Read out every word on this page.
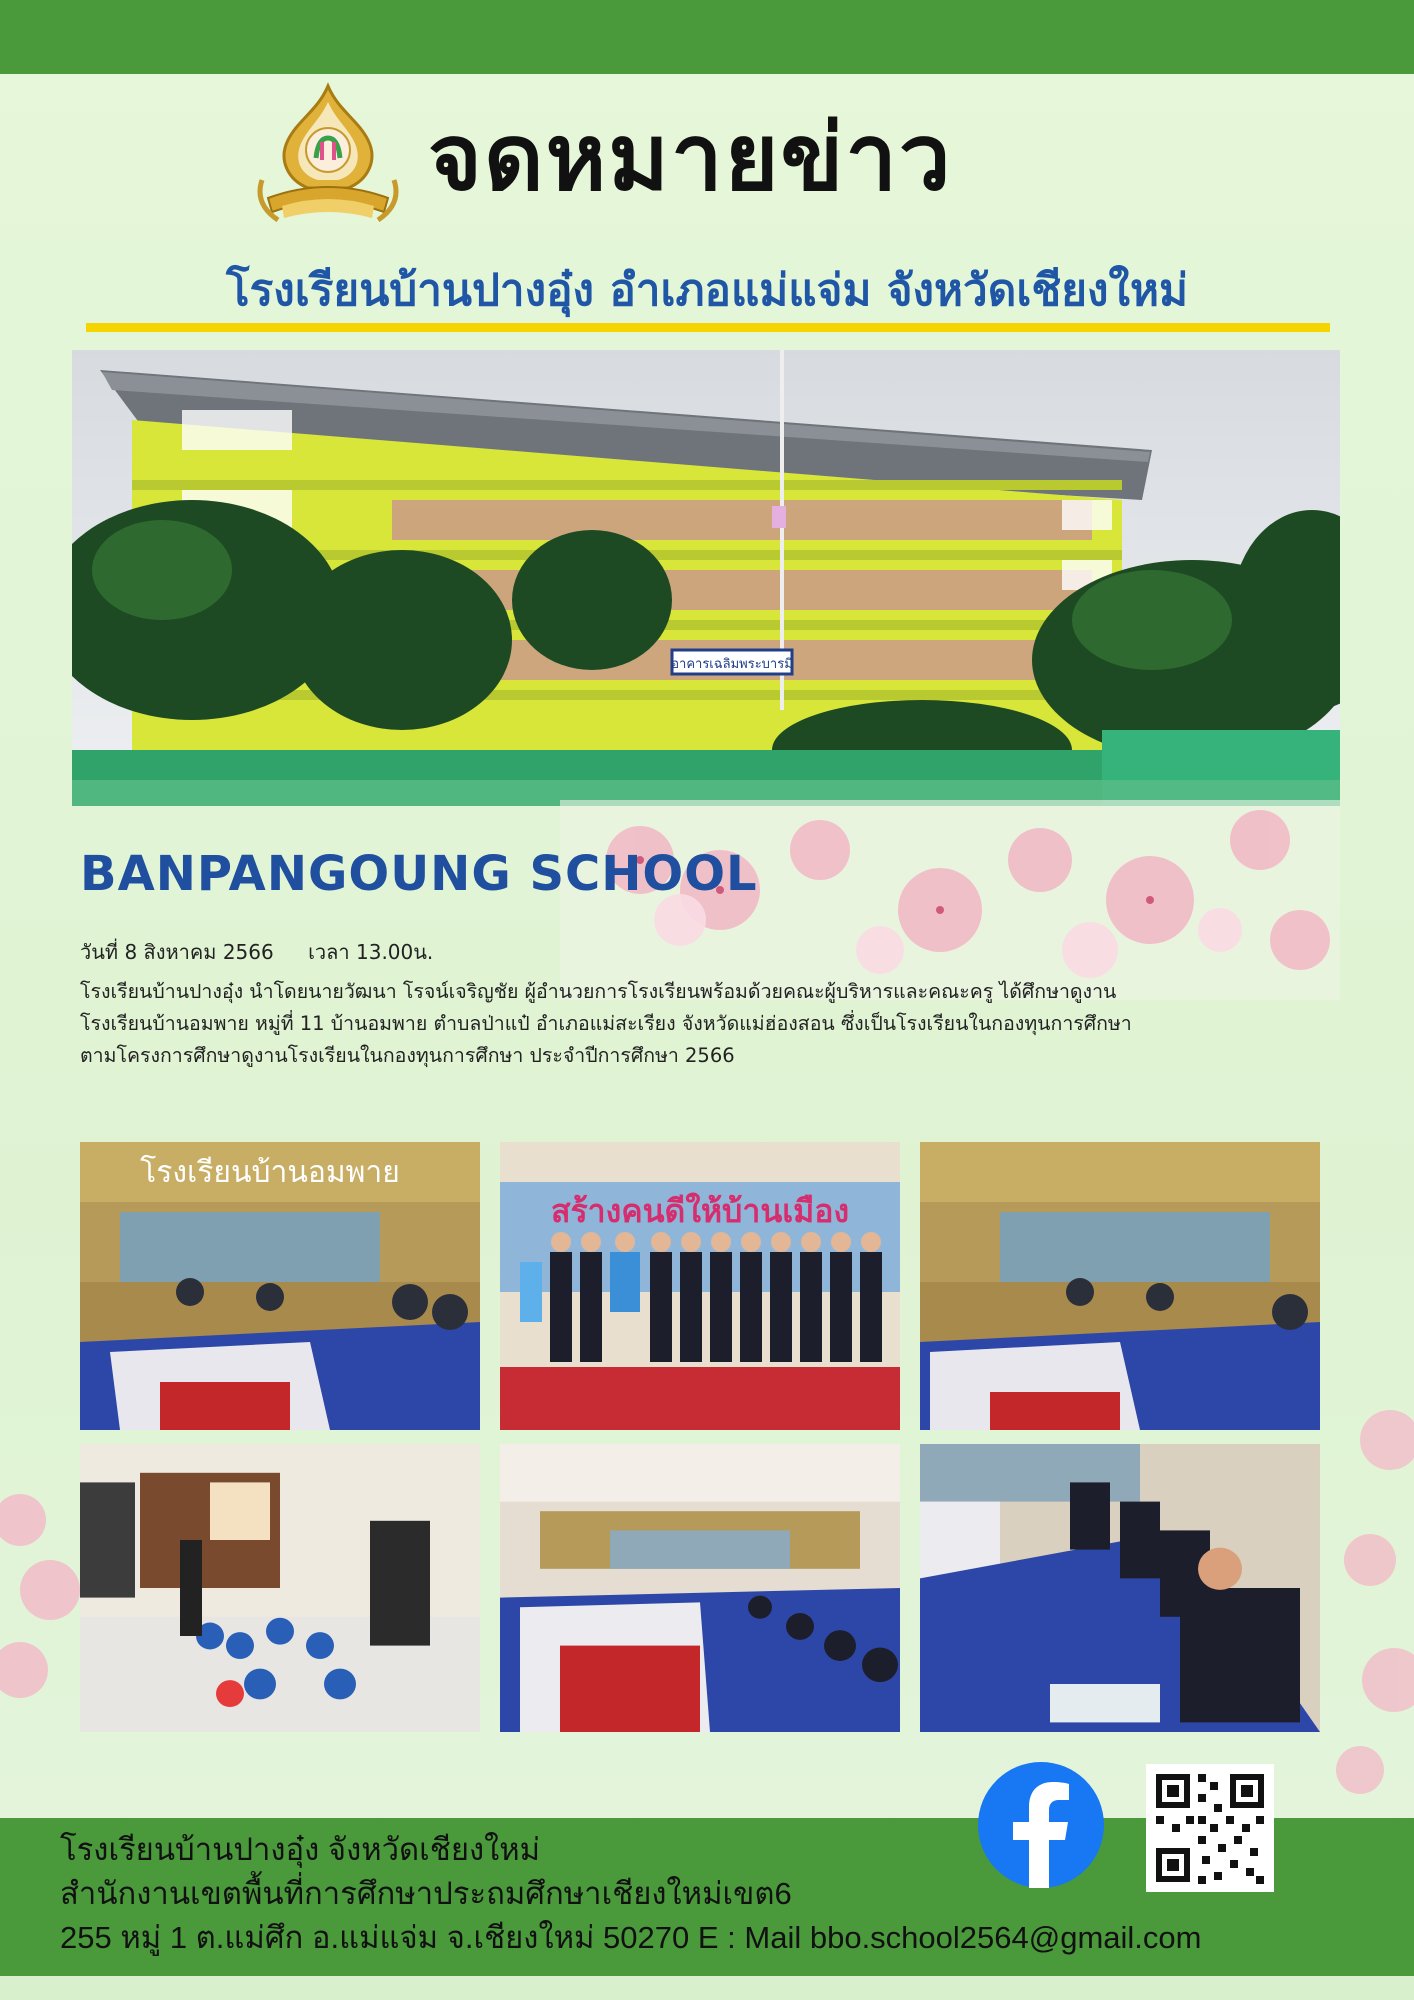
จดหมายข่าว
โรงเรียนบ้านปางอุ๋ง อำเภอแม่แจ่ม จังหวัดเชียงใหม่
อาคารเฉลิมพระบารมี
BANPANGOUNG SCHOOL
วันที่ 8 สิงหาคม 2566 เวลา 13.00น.
โรงเรียนบ้านปางอุ๋ง นำโดยนายวัฒนา โรจน์เจริญชัย ผู้อำนวยการโรงเรียนพร้อมด้วยคณะผู้บริหารและคณะครู ได้ศึกษาดูงาน
โรงเรียนบ้านอมพาย หมู่ที่ 11 บ้านอมพาย ตำบลป่าแป๋ อำเภอแม่สะเรียง จังหวัดแม่ฮ่องสอน ซึ่งเป็นโรงเรียนในกองทุนการศึกษา
ตามโครงการศึกษาดูงานโรงเรียนในกองทุนการศึกษา ประจำปีการศึกษา 2566
โรงเรียนบ้านอมพาย
สร้างคนดีให้บ้านเมือง
โรงเรียนบ้านปางอุ๋ง จังหวัดเชียงใหม่
สำนักงานเขตพื้นที่การศึกษาประถมศึกษาเชียงใหม่เขต6
255 หมู่ 1 ต.แม่ศึก อ.แม่แจ่ม จ.เชียงใหม่ 50270 E : Mail bbo.school2564@gmail.com
